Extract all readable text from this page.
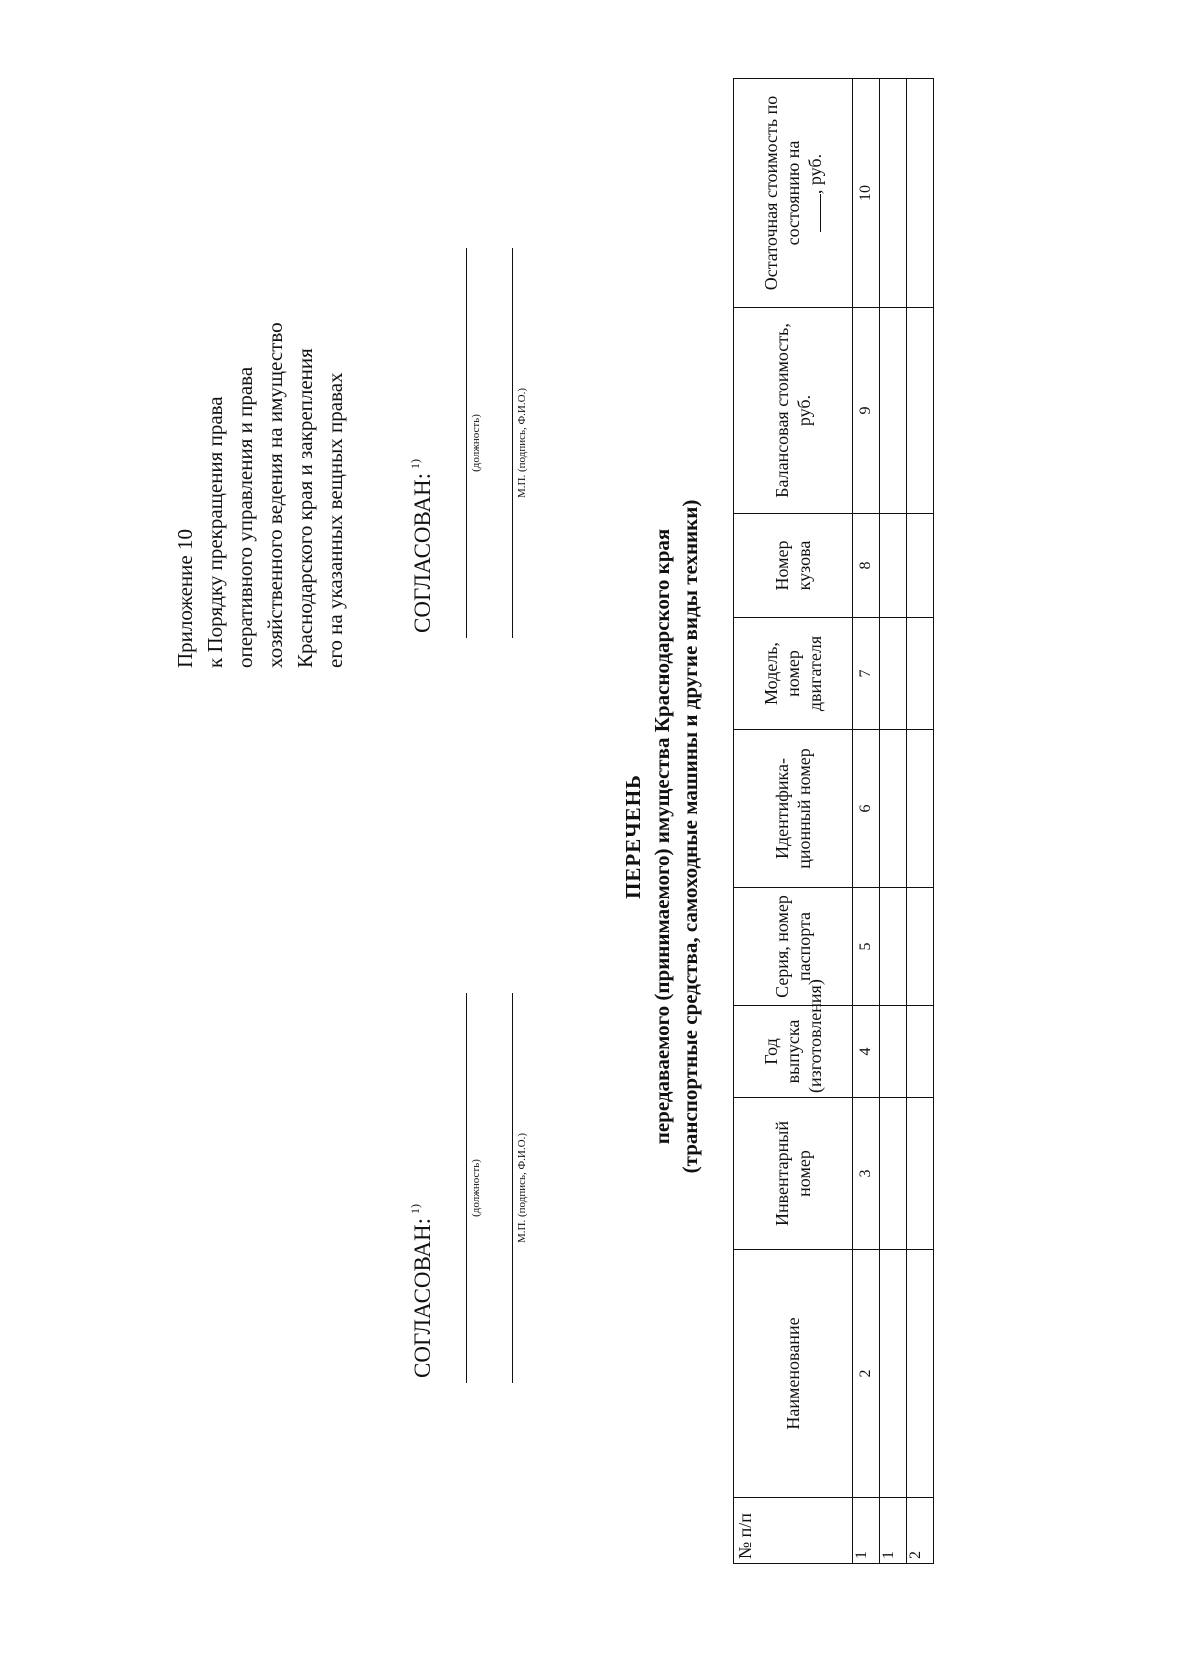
Приложение 10 к Порядку прекращения права оперативного управления и права хозяйственного ведения на имущество Краснодарского края и закрепления его на указанных вещных правах
СОГЛАСОВАН:$^{1)}$	(должность)	М.П. (подпись, Ф.И.О.)
СОГЛАСОВАН:$^{1)}$	(должность)	М.П. (подпись, Ф.И.О.)
ПЕРЕЧЕНЬ передаваемого (принимаемого) имущества Краснодарского края (транспортные средства, самоходные машины и другие виды техники)
№ п/п	Наименование	Инвентарный номер	Год выпуска (изготовления)	Серия, номер паспорта	Идентифика-ционный номер	Модель, номер двигателя	Номер кузова	Балансовая стоимость, руб.	Остаточная стоимость по состоянию на , руб.
1	2	3	4	5	6	7	8	9	10
1									
2									
